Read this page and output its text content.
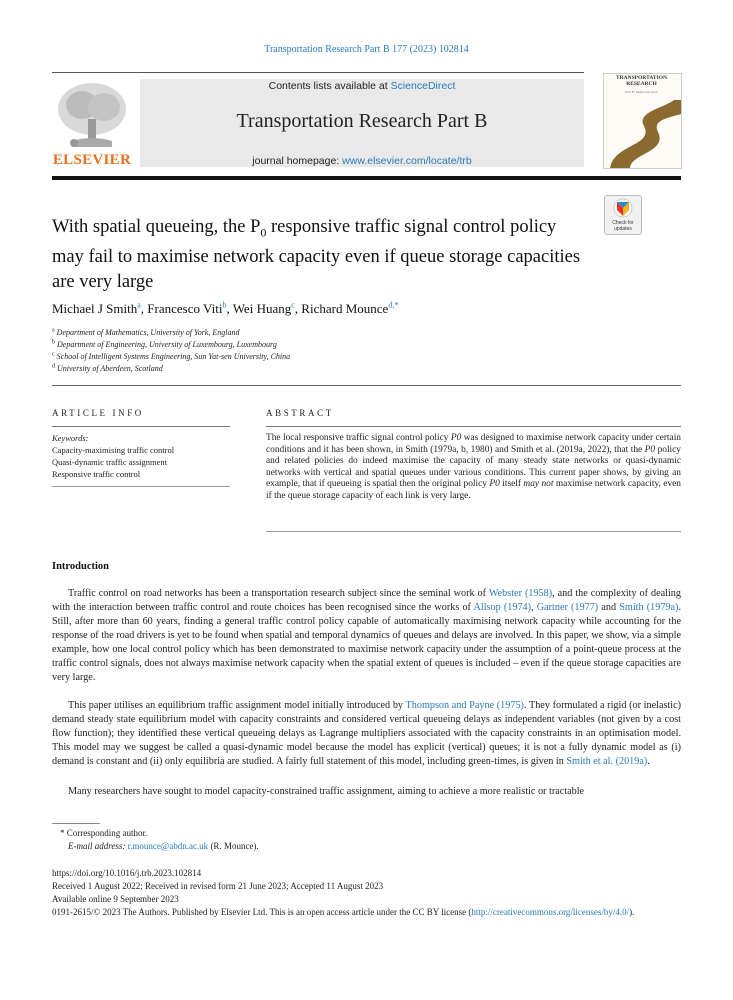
Transportation Research Part B 177 (2023) 102814
ELSEVIER
Contents lists available at ScienceDirect
Transportation Research Part B
journal homepage: www.elsevier.com/locate/trb
TRANSPORTATION RESEARCH
Part B: Methodological
Check for updates
With spatial queueing, the $P_0$ responsive traffic signal control policy may fail to maximise network capacity even if queue storage capacities are very large
Michael J Smith$^a$, Francesco Viti$^b$, Wei Huang$^c$, Richard Mounce$^{d,*}$
$^a$ Department of Mathematics, University of York, England
$^b$ Department of Engineering, University of Luxembourg, Luxembourg
$^c$ School of Intelligent Systems Engineering, Sun Yat-sen University, China
$^d$ University of Aberdeen, Scotland
ARTICLE INFO	ABSTRACT
Keywords:
Capacity-maximising traffic control
Quasi-dynamic traffic assignment
Responsive traffic control
The local responsive traffic signal control policy P0 was designed to maximise network capacity under certain conditions and it has been shown, in Smith (1979a, b, 1980) and Smith et al. (2019a, 2022), that the P0 policy and related policies do indeed maximise the capacity of many steady state networks or quasi-dynamic networks with vertical and spatial queues under various conditions. This current paper shows, by giving an example, that if queueing is spatial then the original policy P0 itself may not maximise network capacity, even if the queue storage capacity of each link is very large.
Introduction
Traffic control on road networks has been a transportation research subject since the seminal work of Webster (1958), and the complexity of dealing with the interaction between traffic control and route choices has been recognised since the works of Allsop (1974), Gartner (1977) and Smith (1979a). Still, after more than 60 years, finding a general traffic control policy capable of automatically maximising network capacity while accounting for the response of the road drivers is yet to be found when spatial and temporal dynamics of queues and delays are involved. In this paper, we show, via a simple example, how one local control policy which has been demonstrated to maximise network capacity under the assumption of a point-queue process at the traffic control signals, does not always maximise network capacity when the spatial extent of queues is included – even if the queue storage capacities are very large.
This paper utilises an equilibrium traffic assignment model initially introduced by Thompson and Payne (1975). They formulated a rigid (or inelastic) demand steady state equilibrium model with capacity constraints and considered vertical queueing delays as independent variables (not given by a cost flow function); they identified these vertical queueing delays as Lagrange multipliers associated with the capacity constraints in an optimisation model. This model may we suggest be called a quasi-dynamic model because the model has explicit (vertical) queues; it is not a fully dynamic model as (i) demand is constant and (ii) only equilibria are studied. A fairly full statement of this model, including green-times, is given in Smith et al. (2019a).
Many researchers have sought to model capacity-constrained traffic assignment, aiming to achieve a more realistic or tractable
* Corresponding author.
E-mail address: r.mounce@abdn.ac.uk (R. Mounce).
https://doi.org/10.1016/j.trb.2023.102814
Received 1 August 2022; Received in revised form 21 June 2023; Accepted 11 August 2023
Available online 9 September 2023
0191-2615/© 2023 The Authors. Published by Elsevier Ltd. This is an open access article under the CC BY license (http://creativecommons.org/licenses/by/4.0/).
